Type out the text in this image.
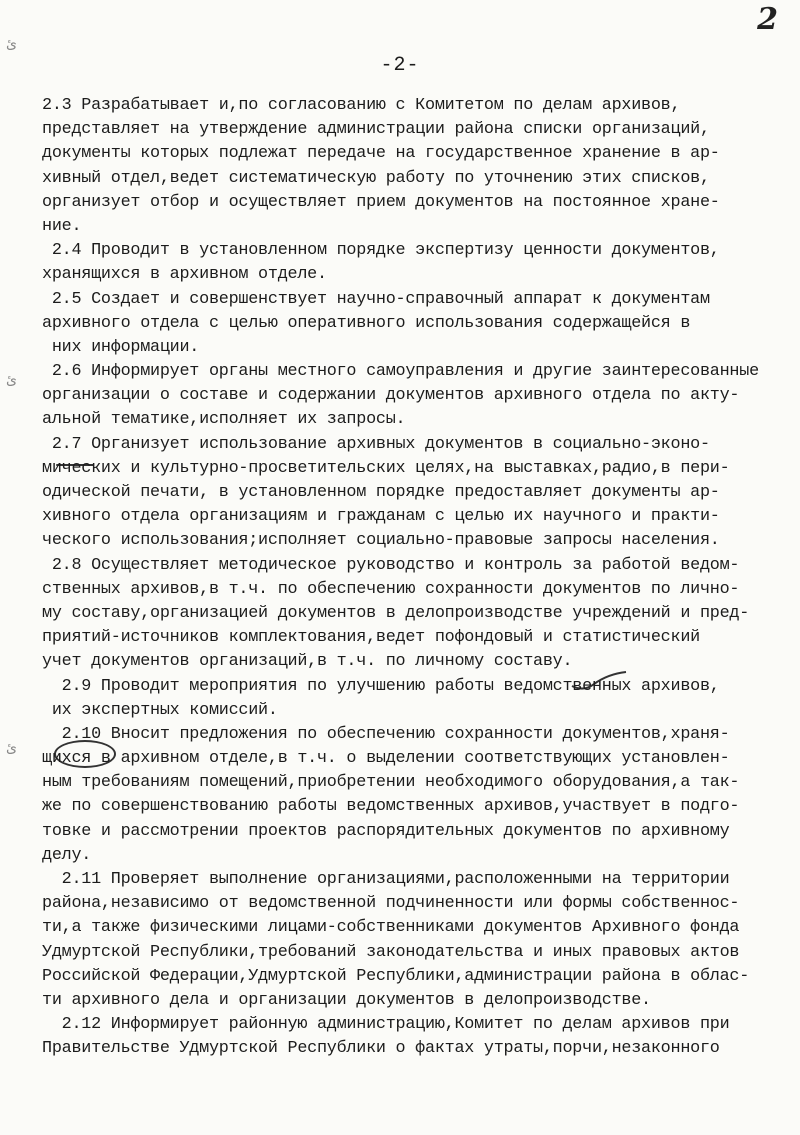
2
-2-
ئ
ئ
ئ
2.3 Разрабатывает и,по согласованию с Комитетом по делам архивов,
представляет на утверждение администрации района списки организаций,
документы которых подлежат передаче на государственное хранение в ар-
хивный отдел,ведет систематическую работу по уточнению этих списков,
организует отбор и осуществляет прием документов на постоянное хране-
ние.
2.4 Проводит в установленном порядке экспертизу ценности документов,
хранящихся в архивном отделе.
2.5 Создает и совершенствует научно-справочный аппарат к документам
архивного отдела с целью оперативного использования содержащейся в
них информации.
2.6 Информирует органы местного самоуправления и другие заинтересованные
организации о составе и содержании документов архивного отдела по акту-
альной тематике,исполняет их запросы.
2.7 Организует использование архивных документов в социально-эконо-
мических и культурно-просветительских целях,на выставках,радио,в пери-
одической печати, в установленном порядке предоставляет документы ар-
хивного отдела организациям и гражданам с целью их научного и практи-
ческого использования;исполняет социально-правовые запросы населения.
2.8 Осуществляет методическое руководство и контроль за работой ведом-
ственных архивов,в т.ч. по обеспечению сохранности документов по лично-
му составу,организацией документов в делопроизводстве учреждений и пред-
приятий-источников комплектования,ведет пофондовый и статистический
учет документов организаций,в т.ч. по личному составу.
2.9 Проводит мероприятия по улучшению работы ведомственных архивов,
их экспертных комиссий.
2.10 Вносит предложения по обеспечению сохранности документов,храня-
щихся в архивном отделе,в т.ч. о выделении соответствующих установлен-
ным требованиям помещений,приобретении необходимого оборудования,а так-
же по совершенствованию работы ведомственных архивов,участвует в подго-
товке и рассмотрении проектов распорядительных документов по архивному
делу.
2.11 Проверяет выполнение организациями,расположенными на территории
района,независимо от ведомственной подчиненности или формы собственнос-
ти,а также физическими лицами-собственниками документов Архивного фонда
Удмуртской Республики,требований законодательства и иных правовых актов
Российской Федерации,Удмуртской Республики,администрации района в облас-
ти архивного дела и организации документов в делопроизводстве.
2.12 Информирует районную администрацию,Комитет по делам архивов при
Правительстве Удмуртской Республики о фактах утраты,порчи,незаконного
